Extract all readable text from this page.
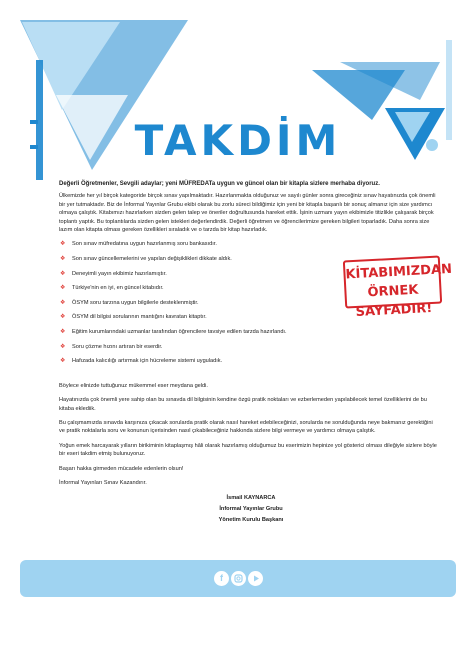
TAKDİM
Değerli Öğretmenler, Sevgili adaylar; yeni MÜFREDATa uygun ve güncel olan bir kitapla sizlere merhaba diyoruz.

Ülkemizde her yıl birçok kategoride birçok sınav yapılmaktadır. Hazırlanmakta olduğunuz ve sayılı günler sonra gireceğiniz sınav hayatınızda çok önemli bir yer tutmaktadır. Biz de İnformal Yayınlar Grubu ekibi olarak bu zorlu süreci bildiğimiz için yeni bir kitapla başarılı bir sonuç almanız için size yardımcı olmaya çalıştık. Kitabımızı hazırlarken sizden gelen talep ve öneriler doğrultusunda hareket ettik. İşinin uzmanı yayın ekibimizle titizlikle çalışarak birçok toplantı yaptık. Bu toplantılarda sizden gelen istekleri değerlendirdik. Değerli öğretmen ve öğrencilerimize gereken bilgileri toparladık. Daha sonra size lazım olan kitapta olması gereken özellikleri sıraladık ve o tarzda bir kitap hazırladık.

❖ Son sınav müfredatına uygun hazırlanmış soru bankasıdır.
❖ Son sınav güncellemelerini ve yapılan değişiklikleri dikkate aldık.
❖ Deneyimli yayın ekibimiz hazırlamıştır.
❖ Türkiye'nin en iyi, en güncel kitabıdır.
❖ ÖSYM soru tarzına uygun bilgilerle desteklenmiştir.
❖ ÖSYM dil bilgisi sorularının mantığını kavratan kitaptır.
❖ Eğitim kurumlarındaki uzmanlar tarafından öğrencilere tavsiye edilen tarzda hazırlandı.
❖ Soru çözme hızını artıran bir eserdir.
❖ Hafızada kalıcılığı artırmak için hücreleme sistemi uyguladık.

Böylece elinizde tuttuğunuz mükemmel eser meydana geldi.

Hayatınızda çok önemli yere sahip olan bu sınavda dil bilgisinin kendine özgü pratik noktaları ve ezberlemeden yapılabilecek temel özelliklerini de bu kitaba eklediik.

Bu çalışmamızda sınavda karşınıza çıkacak sorularda pratik olarak nasıl hareket edebileceğinizi, sorularda ne sorulduğunda neye bakmanız gerektiğini ve pratik noktalarla soru ve konunun içerisinden nasıl çıkabileceğiniz hakkında sizlere bilgi vermeye ve yardımcı olmaya çalıştık.

Yoğun emek harcayarak yılların birikiminin kitaplaşmış hâli olarak hazırlamış olduğumuz bu eserimizin hepinize yol gösterici olması dileğiyle sizlere böyle bir eseri takdim etmiş bulunuyoruz.

Başarı hakka girmeden mücadele edenlerin olsun!

İnformal Yayınları Sınav Kazandırır.

İsmail KAYNARCA
İnformal Yayınlar Grubu
Yönetim Kurulu Başkanı
KİTABIMIZDAN
ÖRNEK SAYFADIR!
f
